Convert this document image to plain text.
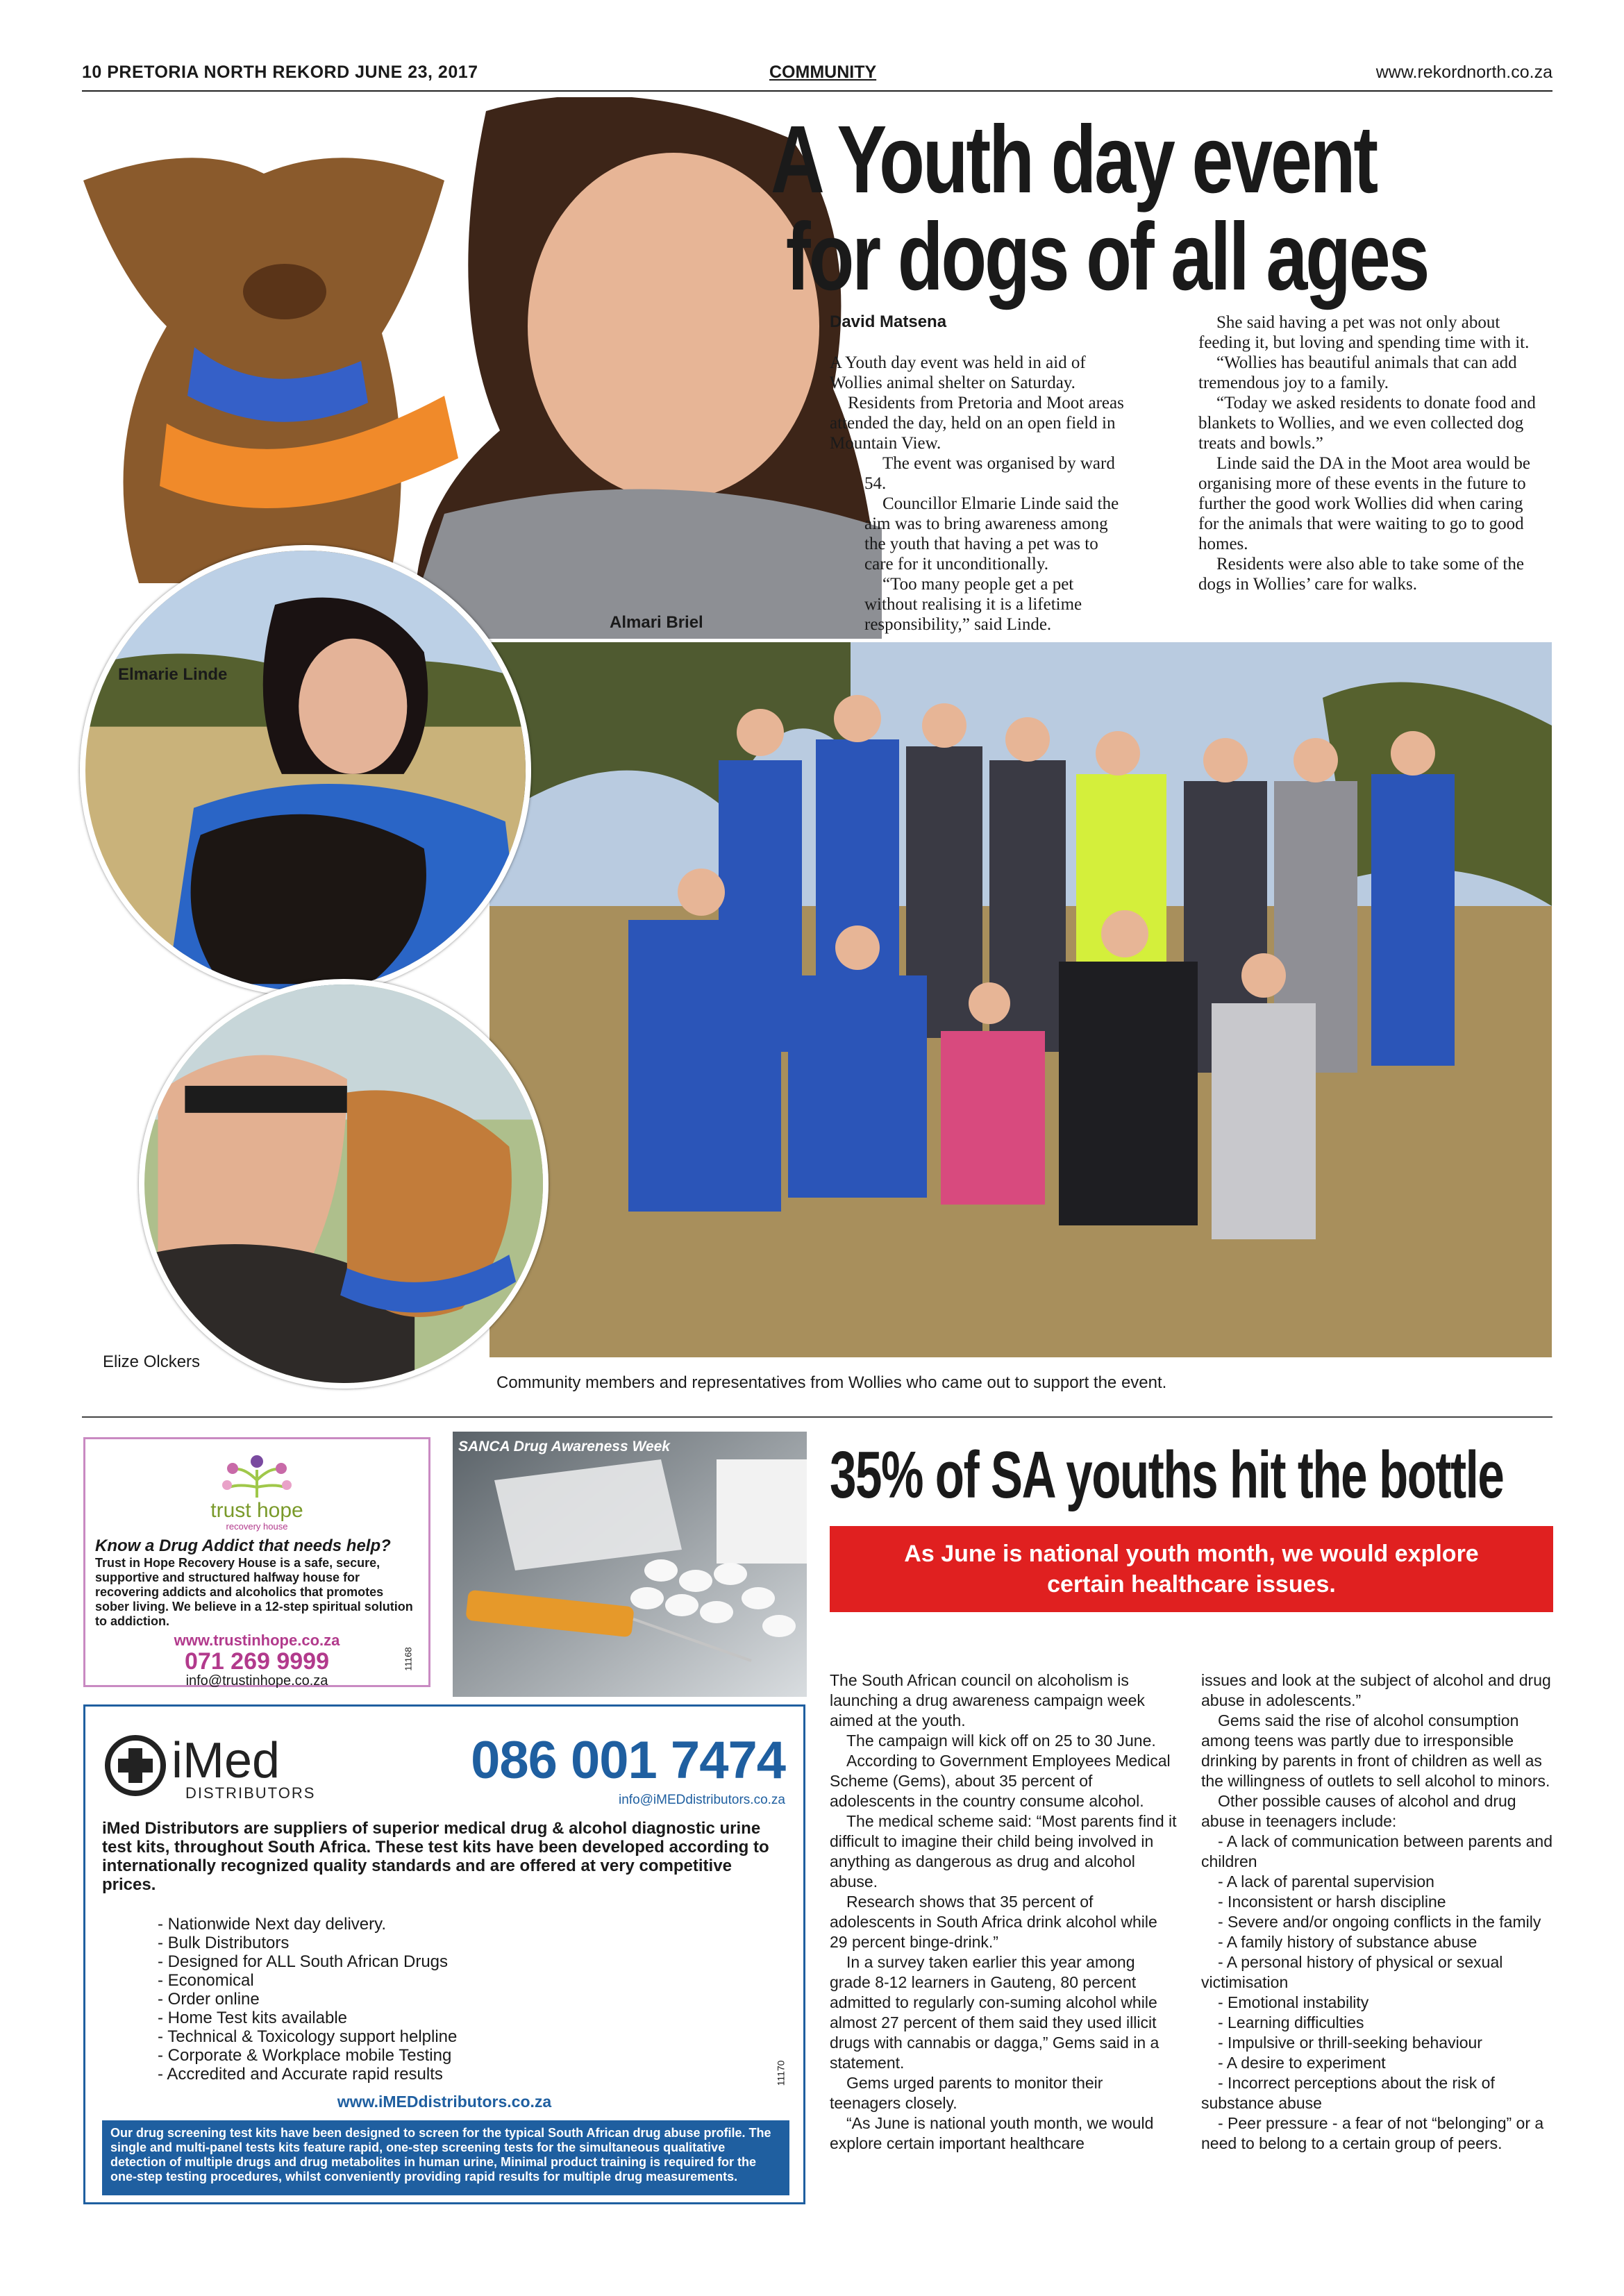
10 PRETORIA NORTH REKORD JUNE 23, 2017	COMMUNITY	www.rekordnorth.co.za
A Youth day event
for dogs of all ages
David Matsena

A Youth day event was held in aid of Wollies animal shelter on Saturday.

Residents from Pretoria and Moot areas attended the day, held on an open field in Mountain View.

The event was organised by ward 54.

Councillor Elmarie Linde said the aim was to bring awareness among the youth that having a pet was to care for it unconditionally.

“Too many people get a pet without realising it is a lifetime responsibility,” said Linde.

She said having a pet was not only about feeding it, but loving and spending time with it.

“Wollies has beautiful animals that can add tremendous joy to a family.

“Today we asked residents to donate food and blankets to Wollies, and we even collected dog treats and bowls.”

Linde said the DA in the Moot area would be organising more of these events in the future to further the good work Wollies did when caring for the animals that were waiting to go to good homes.

Residents were also able to take some of the dogs in Wollies’ care for walks.

Almari Briel
Elmarie Linde
Elize Olckers
Community members and representatives from Wollies who came out to support the event.
trust hope
recovery house
Know a Drug Addict that needs help?
Trust in Hope Recovery House is a safe, secure, supportive and structured halfway house for recovering addicts and alcoholics that promotes sober living. We believe in a 12-step spiritual solution to addiction.
www.trustinhope.co.za
071 269 9999
info@trustinhope.co.za
11168
SANCA Drug Awareness Week 35% of SA youths hit the bottle
As June is national youth month, we would explore
certain healthcare issues.

The South African council on alcoholism is launching a drug awareness campaign week aimed at the youth.

The campaign will kick off on 25 to 30 June.

According to Government Employees Medical Scheme (Gems), about 35 percent of adolescents in the country consume alcohol.

The medical scheme said: “Most parents find it difficult to imagine their child being involved in anything as dangerous as drug and alcohol abuse.

Research shows that 35 percent of adolescents in South Africa drink alcohol while 29 percent binge-drink.”

In a survey taken earlier this year among grade 8-12 learners in Gauteng, 80 percent admitted to regularly con-suming alcohol while almost 27 percent of them said they used illicit drugs with cannabis or dagga,” Gems said in a statement.

Gems urged parents to monitor their teenagers closely.

“As June is national youth month, we would explore certain important healthcare

issues and look at the subject of alcohol and drug abuse in adolescents.”

Gems said the rise of alcohol consumption among teens was partly due to irresponsible drinking by parents in front of children as well as the willingness of outlets to sell alcohol to minors.

Other possible causes of alcohol and drug abuse in teenagers include:

- A lack of communication between parents and children

- A lack of parental supervision

- Inconsistent or harsh discipline

- Severe and/or ongoing conflicts in the family

- A family history of substance abuse

- A personal history of physical or sexual victimisation

- Emotional instability

- Learning difficulties

- Impulsive or thrill-seeking behaviour

- A desire to experiment

- Incorrect perceptions about the risk of substance abuse

- Peer pressure - a fear of not “belonging” or a need to belong to a certain group of peers.

iMed
DISTRIBUTORS
086 001 7474
info@iMEDdistributors.co.za
iMed Distributors are suppliers of superior medical drug & alcohol diagnostic urine test kits, throughout South Africa. These test kits have been developed according to internationally recognized quality standards and are offered at very competitive prices.
- Nationwide Next day delivery.
- Bulk Distributors
- Designed for ALL South African Drugs
- Economical
- Order online
- Home Test kits available
- Technical & Toxicology support helpline
- Corporate & Workplace mobile Testing
- Accredited and Accurate rapid results	11170
www.iMEDdistributors.co.za
Our drug screening test kits have been designed to screen for the typical South African drug abuse profile. The single and multi-panel tests kits feature rapid, one-step screening tests for the simultaneous qualitative detection of multiple drugs and drug metabolites in human urine, Minimal product training is required for the one-step testing procedures, whilst conveniently providing rapid results for multiple drug measurements.
